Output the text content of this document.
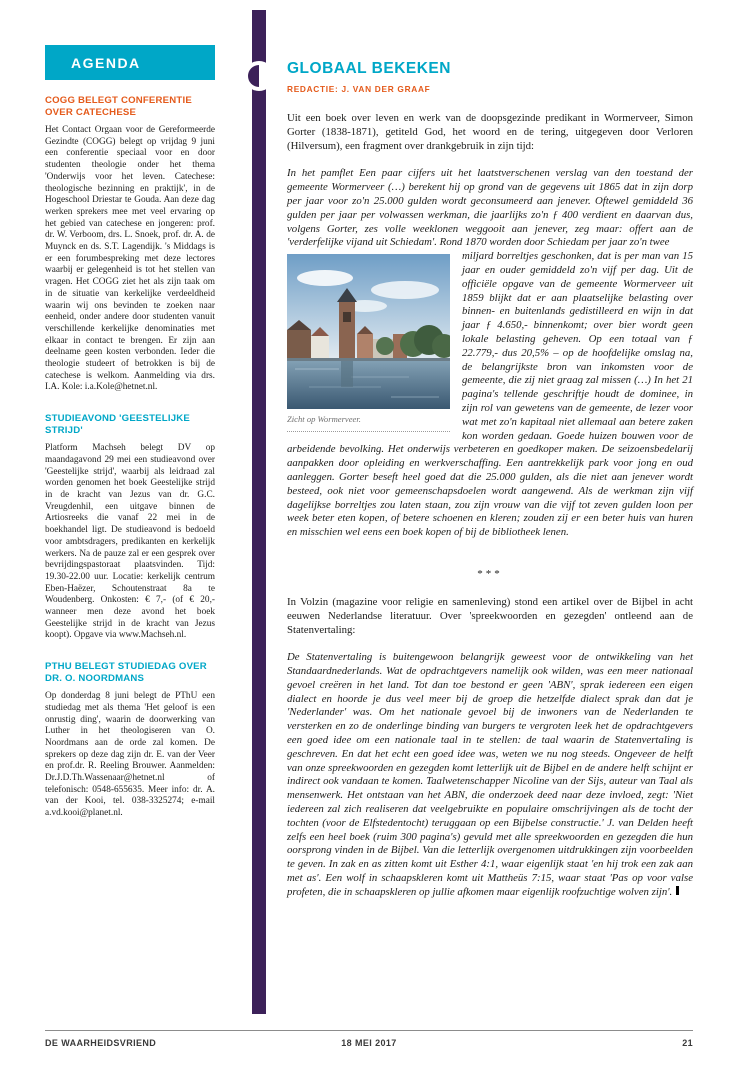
AGENDA
COGG BELEGT CONFERENTIE OVER CATECHESE

Het Contact Orgaan voor de Gereformeerde Gezindte (COGG) belegt op vrijdag 9 juni een conferentie speciaal voor en door studenten theologie onder het thema 'Onderwijs voor het leven. Catechese: theologische bezinning en praktijk', in de Hogeschool Driestar te Gouda. Aan deze dag werken sprekers mee met veel ervaring op het gebied van catechese en jongeren: prof. dr. W. Verboom, drs. L. Snoek, prof. dr. A. de Muynck en ds. S.T. Lagendijk. 's Middags is er een forumbespreking met deze lectores waarbij er gelegenheid is tot het stellen van vragen. Het COGG ziet het als zijn taak om in de situatie van kerkelijke verdeeldheid waarin wij ons bevinden te zoeken naar eenheid, onder andere door studenten vanuit verschillende kerkelijke denominaties met elkaar in contact te brengen. Er zijn aan deelname geen kosten verbonden. Ieder die theologie studeert of betrokken is bij de catechese is welkom. Aanmelding via drs. I.A. Kole: i.a.Kole@hetnet.nl.

STUDIEAVOND 'GEESTELIJKE STRIJD'

Platform Machseh belegt DV op maandagavond 29 mei een studieavond over 'Geestelijke strijd', waarbij als leidraad zal worden genomen het boek Geestelijke strijd in de kracht van Jezus van dr. G.C. Vreugdenhil, een uitgave binnen de Artiosreeks die vanaf 22 mei in de boekhandel ligt. De studieavond is bedoeld voor ambtsdragers, predikanten en kerkelijk werkers. Na de pauze zal er een gesprek over bevrijdingspastoraat plaatsvinden. Tijd: 19.30-22.00 uur. Locatie: kerkelijk centrum Eben-Haëzer, Schoutenstraat 8a te Woudenberg. Onkosten: € 7,- (of € 20,- wanneer men deze avond het boek Geestelijke strijd in de kracht van Jezus koopt). Opgave via www.Machseh.nl.

PTHU BELEGT STUDIEDAG OVER DR. O. NOORDMANS

Op donderdag 8 juni belegt de PThU een studiedag met als thema 'Het geloof is een onrustig ding', waarin de doorwerking van Luther in het theologiseren van O. Noordmans aan de orde zal komen. De sprekers op deze dag zijn dr. E. van der Veer en prof.dr. R. Reeling Brouwer. Aanmelden: Dr.J.D.Th.Wassenaar@hetnet.nl of telefonisch: 0548-655635. Meer info: dr. A. van der Kooi, tel. 038-3325274; e-mail a.vd.kooi@planet.nl.

GLOBAAL BEKEKEN
REDACTIE: J. VAN DER GRAAF

Uit een boek over leven en werk van de doopsgezinde predikant in Wormerveer, Simon Gorter (1838-1871), getiteld God, het woord en de tering, uitgegeven door Verloren (Hilversum), een fragment over drankgebruik in zijn tijd:

In het pamflet Een paar cijfers uit het laatstverschenen verslag van den toestand der gemeente Wormerveer (…) berekent hij op grond van de gegevens uit 1865 dat in zijn dorp per jaar voor zo'n 25.000 gulden wordt geconsumeerd aan jenever. Oftewel gemiddeld 36 gulden per jaar per volwassen werkman, die jaarlijks zo'n ƒ 400 verdient en daarvan dus, volgens Gorter, zes volle weeklonen weggooit aan jenever, zeg maar: offert aan de 'verderfelijke vijand uit Schiedam'. Rond 1870 worden door Schiedam per jaar zo'n twee

Zicht op Wormerveer.

miljard borreltjes geschonken, dat is per man van 15 jaar en ouder gemiddeld zo'n vijf per dag. Uit de officiële opgave van de gemeente Wormerveer uit 1859 blijkt dat er aan plaatselijke belasting over binnen- en buitenlands gedistilleerd en wijn in dat jaar ƒ 4.650,- binnenkomt; over bier wordt geen lokale belasting geheven. Op een totaal van ƒ 22.779,- dus 20,5% – op de hoofdelijke omslag na, de belangrijkste bron van inkomsten voor de gemeente, die zij niet graag zal missen (…) In het 21 pagina's tellende geschriftje houdt de dominee, in zijn rol van gewetens van de gemeente, de lezer voor wat met zo'n kapitaal niet allemaal aan betere zaken kon worden gedaan. Goede huizen bouwen voor de arbeidende bevolking. Het onderwijs verbeteren en goedkoper maken. De seizoensbedelarij aanpakken door opleiding en werkverschaffing. Een aantrekkelijk park voor jong en oud aanleggen. Gorter beseft heel goed dat die 25.000 gulden, als die niet aan jenever wordt besteed, ook niet voor gemeenschapsdoelen wordt aangewend. Als de werkman zijn vijf dagelijkse borreltjes zou laten staan, zou zijn vrouw van die vijf tot zeven gulden loon per week beter eten kopen, of betere schoenen en kleren; zouden zij er een beter huis van huren en misschien wel eens een boek kopen of bij de bibliotheek lenen.

***

In Volzin (magazine voor religie en samenleving) stond een artikel over de Bijbel in acht eeuwen Nederlandse literatuur. Over 'spreekwoorden en gezegden' ontleend aan de Statenvertaling:

De Statenvertaling is buitengewoon belangrijk geweest voor de ontwikkeling van het Standaardnederlands. Wat de opdrachtgevers namelijk ook wilden, was een meer nationaal gevoel creëren in het land. Tot dan toe bestond er geen 'ABN', sprak iedereen een eigen dialect en hoorde je dus veel meer bij de groep die hetzelfde dialect sprak dan dat je 'Nederlander' was. Om het nationale gevoel bij de inwoners van de Nederlanden te versterken en zo de onderlinge binding van burgers te vergroten leek het de opdrachtgevers een goed idee om een nationale taal in te stellen: de taal waarin de Statenvertaling is geschreven. En dat het echt een goed idee was, weten we nu nog steeds. Ongeveer de helft van onze spreekwoorden en gezegden komt letterlijk uit de Bijbel en de andere helft schijnt er indirect ook vandaan te komen. Taalwetenschapper Nicoline van der Sijs, auteur van Taal als mensenwerk. Het ontstaan van het ABN, die onderzoek deed naar deze invloed, zegt: 'Niet iedereen zal zich realiseren dat veelgebruikte en populaire omschrijvingen als de tocht der tochten (voor de Elfstedentocht) teruggaan op een Bijbelse constructie.' J. van Delden heeft zelfs een heel boek (ruim 300 pagina's) gevuld met alle spreekwoorden en gezegden die hun oorsprong vinden in de Bijbel. Van die letterlijk overgenomen uitdrukkingen zijn voorbeelden te geven. In zak en as zitten komt uit Esther 4:1, waar eigenlijk staat 'en hij trok een zak aan met as'. Een wolf in schaapskleren komt uit Mattheüs 7:15, waar staat 'Pas op voor valse profeten, die in schaapskleren op jullie afkomen maar eigenlijk roofzuchtige wolven zijn'.

DE WAARHEIDSVRIEND	18 MEI 2017	21
